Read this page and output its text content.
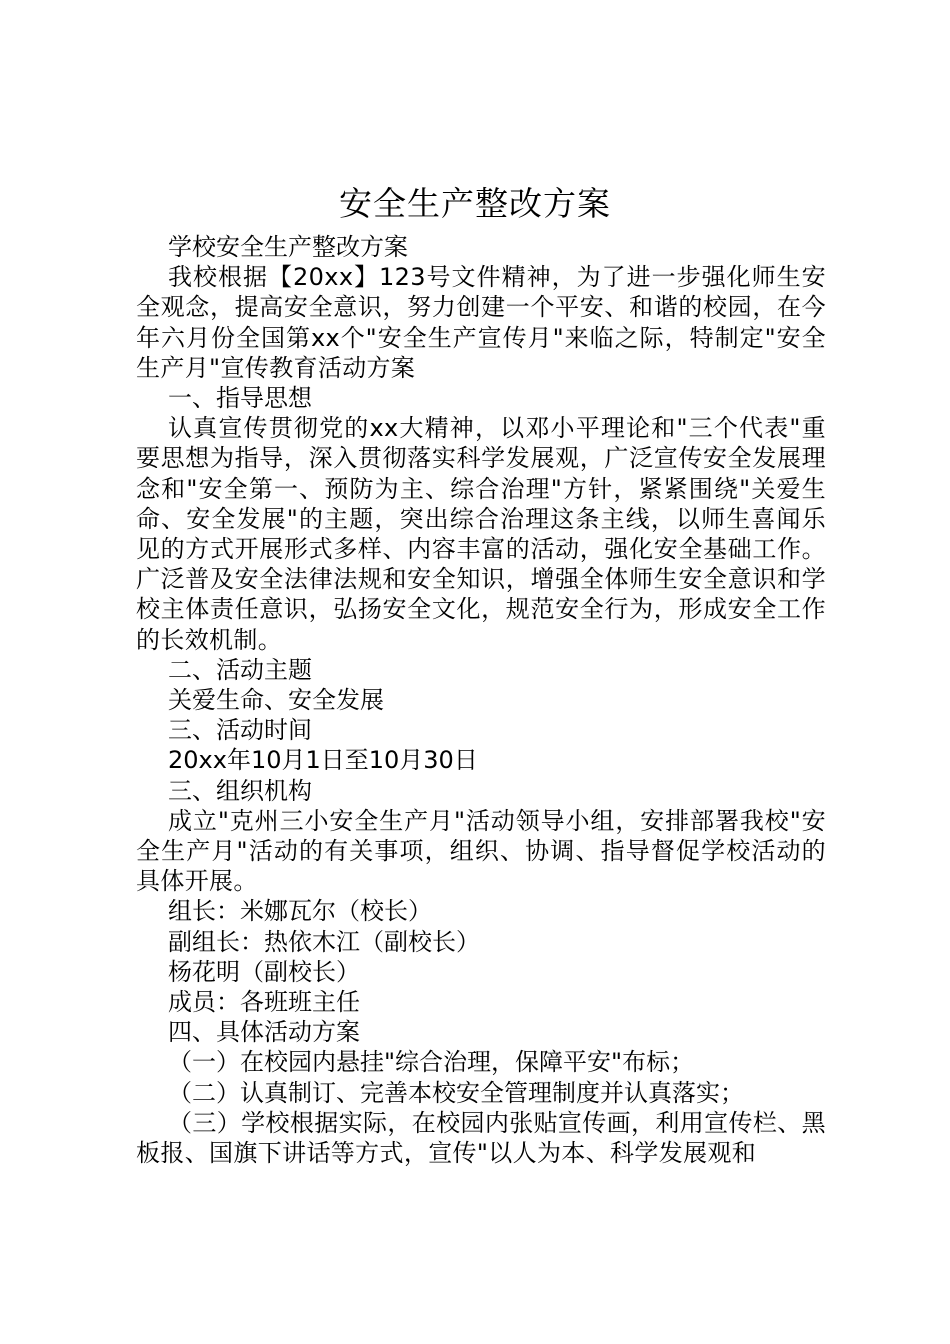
安全生产整改方案

学校安全生产整改方案

我校根据【20xx】123号文件精神，为了进一步强化师生安全观念，提高安全意识，努力创建一个平安、和谐的校园，在今年六月份全国第xx个"安全生产宣传月"来临之际，特制定"安全生产月"宣传教育活动方案

一、指导思想

认真宣传贯彻党的xx大精神，以邓小平理论和"三个代表"重要思想为指导，深入贯彻落实科学发展观，广泛宣传安全发展理念和"安全第一、预防为主、综合治理"方针，紧紧围绕"关爱生命、安全发展"的主题，突出综合治理这条主线，以师生喜闻乐见的方式开展形式多样、内容丰富的活动，强化安全基础工作。广泛普及安全法律法规和安全知识，增强全体师生安全意识和学校主体责任意识，弘扬安全文化，规范安全行为，形成安全工作的长效机制。

二、活动主题

关爱生命、安全发展

三、活动时间

20xx年10月1日至10月30日

三、组织机构

成立"克州三小安全生产月"活动领导小组，安排部署我校"安全生产月"活动的有关事项，组织、协调、指导督促学校活动的具体开展。

组长：米娜瓦尔（校长）

副组长：热依木江（副校长）

杨花明（副校长）

成员：各班班主任

四、具体活动方案

（一）在校园内悬挂"综合治理，保障平安"布标；

（二）认真制订、完善本校安全管理制度并认真落实；

（三）学校根据实际，在校园内张贴宣传画，利用宣传栏、黑板报、国旗下讲话等方式，宣传"以人为本、科学发展观和
